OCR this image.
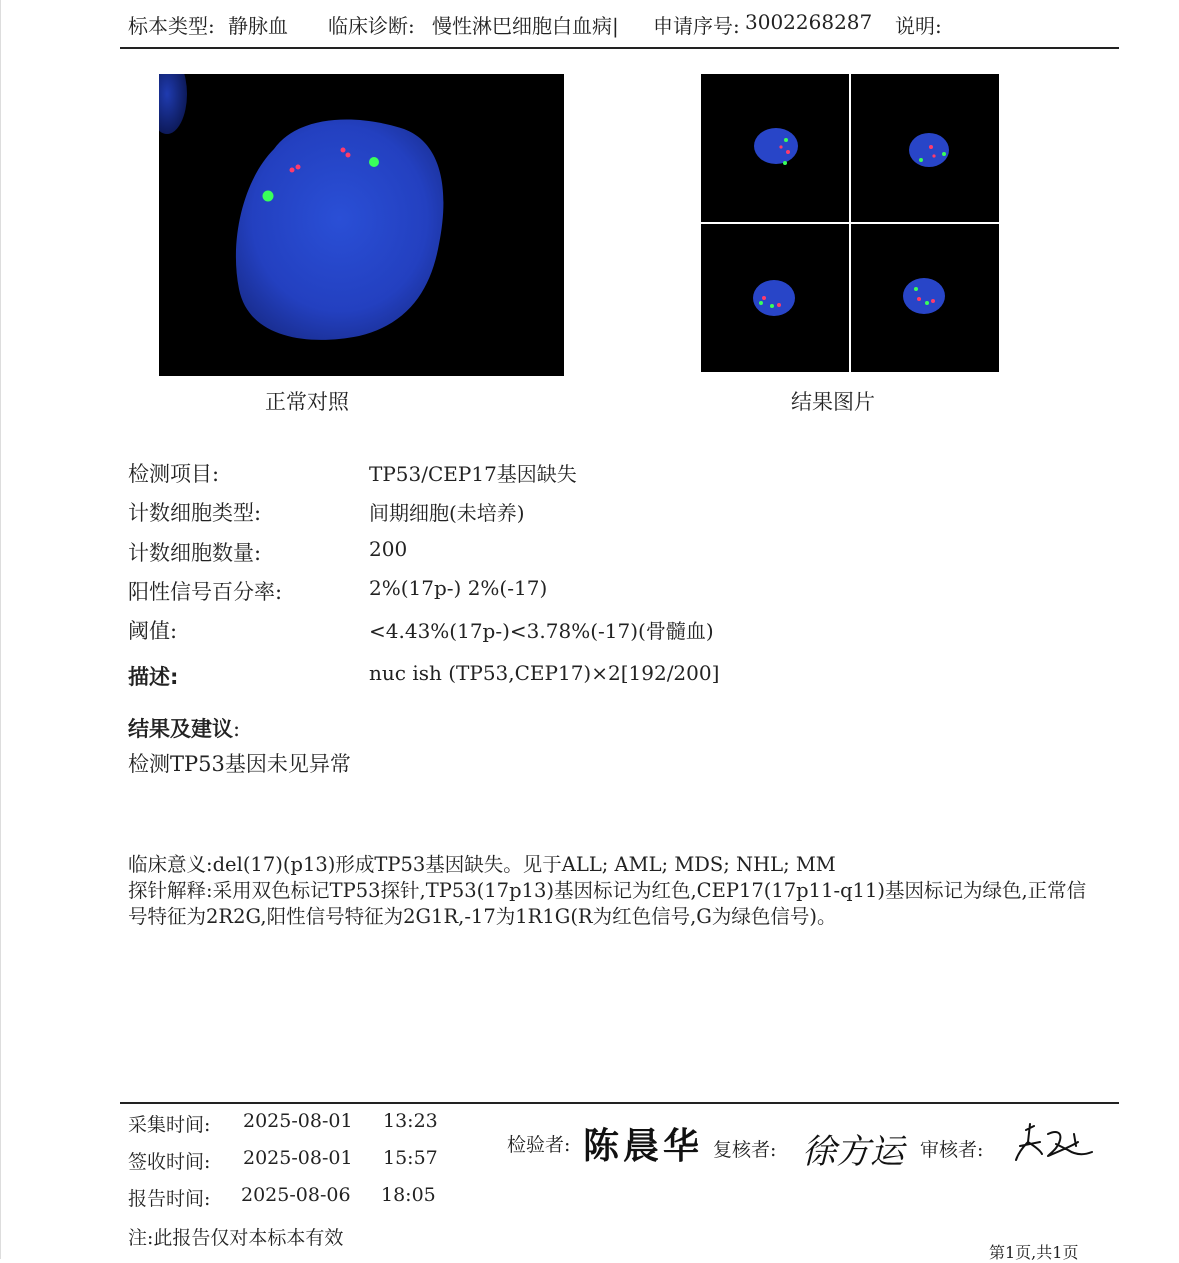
标本类型: 静脉血 临床诊断: 慢性淋巴细胞白血病| 申请序号: 3002268287 说明:
正常对照	结果图片
检测项目:	TP53/CEP17基因缺失
计数细胞类型:	间期细胞(未培养)
计数细胞数量:	200
阳性信号百分率:	2%(17p-) 2%(-17)
阈值:	<4.43%(17p-)<3.78%(-17)(骨髓血)
描述:	nuc ish (TP53,CEP17)×2[192/200]
结果及建议:
检测TP53基因未见异常
临床意义:del(17)(p13)形成TP53基因缺失。见于ALL; AML; MDS; NHL; MM
探针解释:采用双色标记TP53探针,TP53(17p13)基因标记为红色,CEP17(17p11-q11)基因标记为绿色,正常信号特征为2R2G,阳性信号特征为2G1R,-17为1R1G(R为红色信号,G为绿色信号)。
采集时间: 2025-08-01 13:23
签收时间: 2025-08-01 15:57
报告时间: 2025-08-06 18:05
检验者: 陈晨华 复核者: 徐方运 审核者:
注:此报告仅对本标本有效
第1页,共1页
